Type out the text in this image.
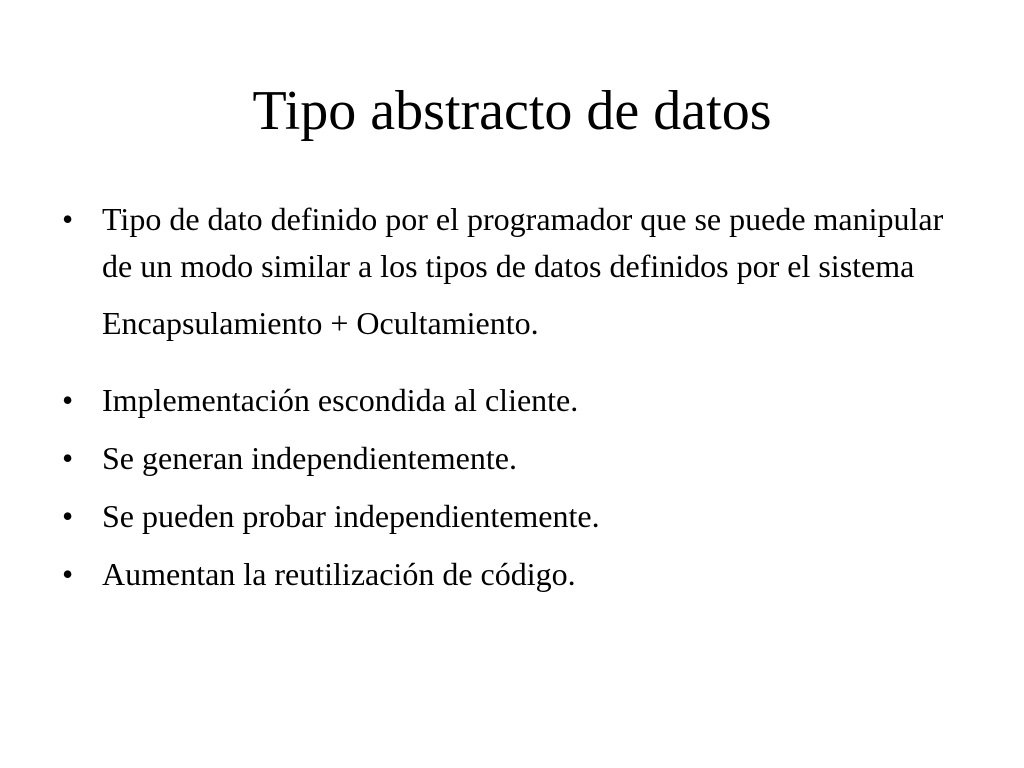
Tipo abstracto de datos
• Tipo de dato definido por el programador que se puede manipular de un modo similar a los tipos de datos definidos por el sistema

Encapsulamiento + Ocultamiento.

• Implementación escondida al cliente.
• Se generan independientemente.
• Se pueden probar independientemente.
• Aumentan la reutilización de código.
